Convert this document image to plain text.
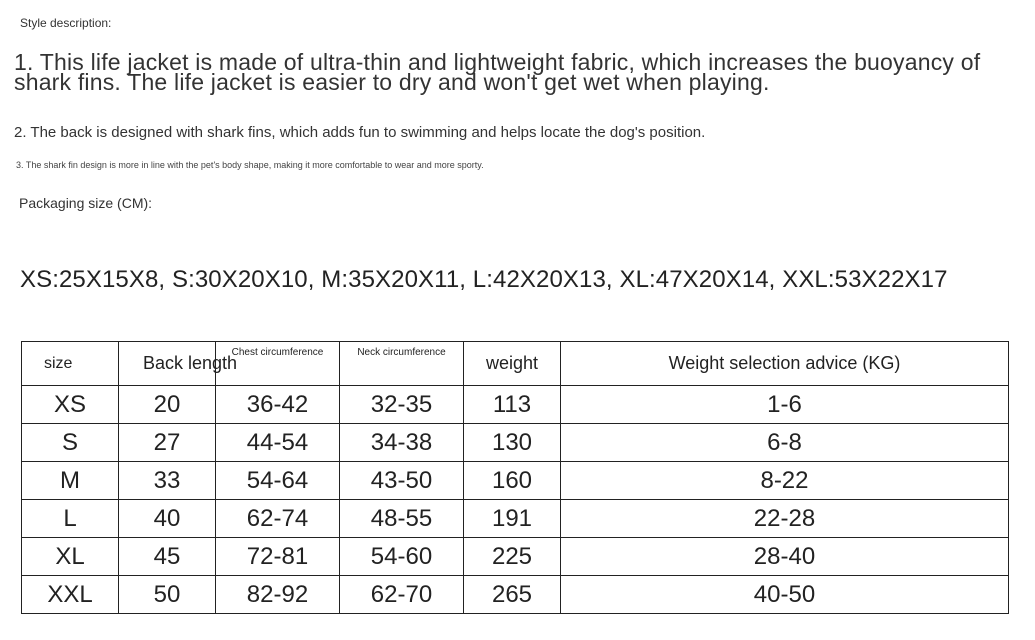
Style description:
1. This life jacket is made of ultra-thin and lightweight fabric, which increases the buoyancy of shark fins. The life jacket is easier to dry and won't get wet when playing.
2. The back is designed with shark fins, which adds fun to swimming and helps locate the dog's position.
3. The shark fin design is more in line with the pet's body shape, making it more comfortable to wear and more sporty.
Packaging size (CM):
XS:25X15X8, S:30X20X10, M:35X20X11, L:42X20X13, XL:47X20X14, XXL:53X22X17
size	Back length	Chest circumference	Neck circumference	weight	Weight selection advice (KG)
XS	20	36-42	32-35	113	1-6
S	27	44-54	34-38	130	6-8
M	33	54-64	43-50	160	8-22
L	40	62-74	48-55	191	22-28
XL	45	72-81	54-60	225	28-40
XXL	50	82-92	62-70	265	40-50
